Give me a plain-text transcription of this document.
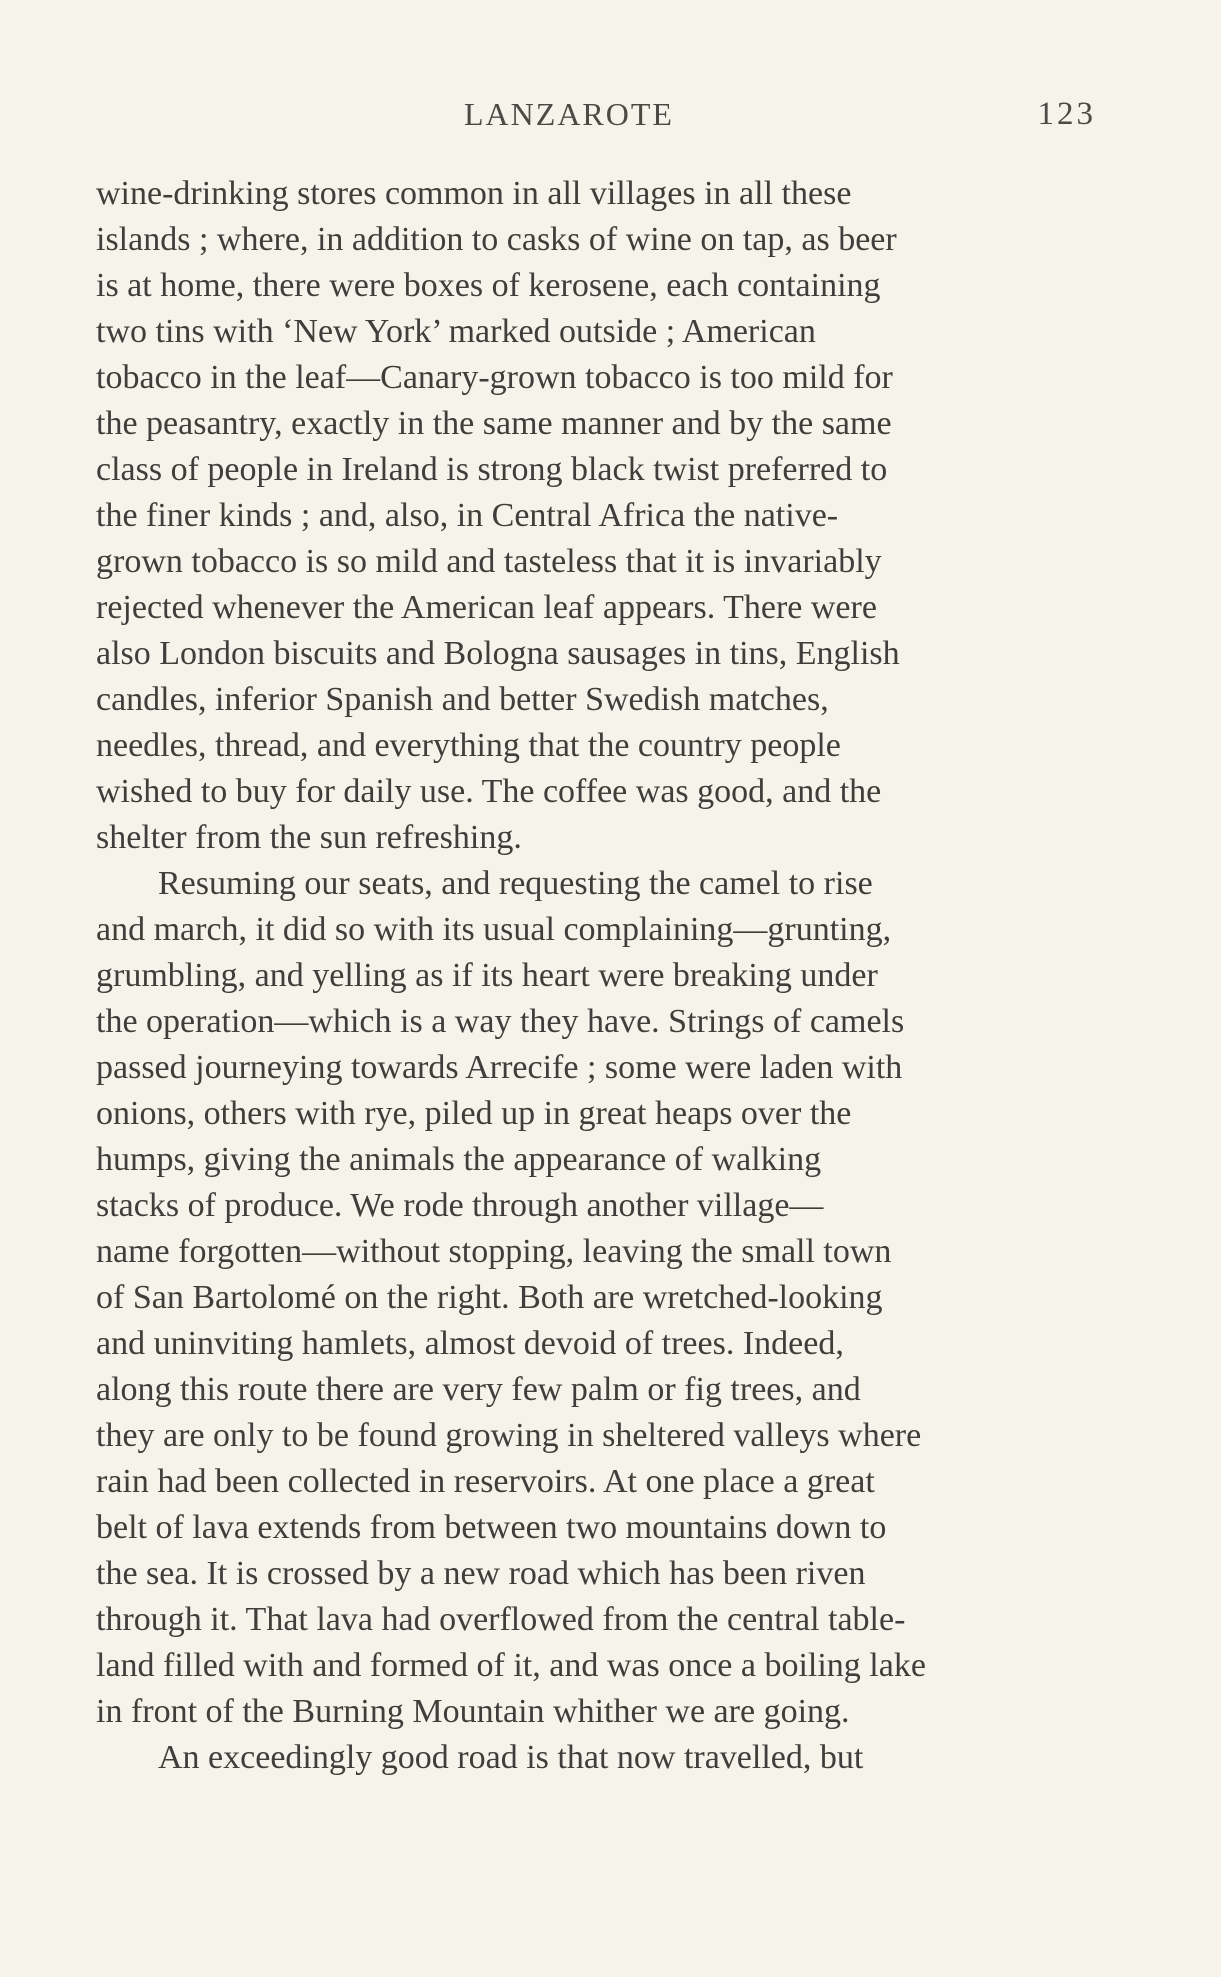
LANZAROTE	123
wine-drinking stores common in all villages in all these
islands ; where, in addition to casks of wine on tap, as beer
is at home, there were boxes of kerosene, each containing
two tins with ‘New York’ marked outside ; American
tobacco in the leaf—Canary-grown tobacco is too mild for
the peasantry, exactly in the same manner and by the same
class of people in Ireland is strong black twist preferred to
the finer kinds ; and, also, in Central Africa the native-
grown tobacco is so mild and tasteless that it is invariably
rejected whenever the American leaf appears. There were
also London biscuits and Bologna sausages in tins, English
candles, inferior Spanish and better Swedish matches,
needles, thread, and everything that the country people
wished to buy for daily use. The coffee was good, and the
shelter from the sun refreshing.
Resuming our seats, and requesting the camel to rise
and march, it did so with its usual complaining—grunting,
grumbling, and yelling as if its heart were breaking under
the operation—which is a way they have. Strings of camels
passed journeying towards Arrecife ; some were laden with
onions, others with rye, piled up in great heaps over the
humps, giving the animals the appearance of walking
stacks of produce. We rode through another village—
name forgotten—without stopping, leaving the small town
of San Bartolomé on the right. Both are wretched-looking
and uninviting hamlets, almost devoid of trees. Indeed,
along this route there are very few palm or fig trees, and
they are only to be found growing in sheltered valleys where
rain had been collected in reservoirs. At one place a great
belt of lava extends from between two mountains down to
the sea. It is crossed by a new road which has been riven
through it. That lava had overflowed from the central table-
land filled with and formed of it, and was once a boiling lake
in front of the Burning Mountain whither we are going.
An exceedingly good road is that now travelled, but
